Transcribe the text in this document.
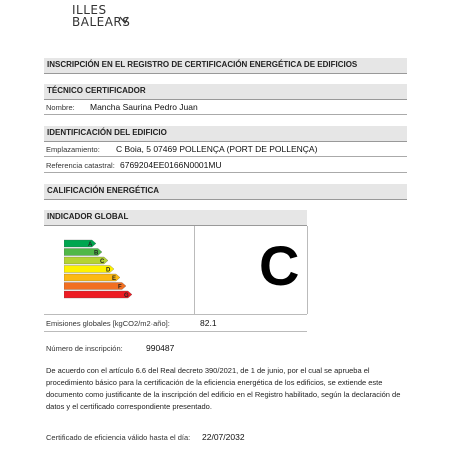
ILLES
BALEARS
INSCRIPCIÓN EN EL REGISTRO DE CERTIFICACIÓN ENERGÉTICA DE EDIFICIOS
TÉCNICO CERTIFICADOR
Nombre: Mancha Saurina Pedro Juan
IDENTIFICACIÓN DEL EDIFICIO
Emplazamiento: C Boia, 5 07469 POLLENÇA (PORT DE POLLENÇA)
Referencia catastral: 6769204EE0166N0001MU
CALIFICACIÓN ENERGÉTICA
INDICADOR GLOBAL
A
B
C
D
E
F
G C
Emisiones globales [kgCO2/m2·año]:	82.1
Número de inscripción:	990487

De acuerdo con el artículo 6.6 del Real decreto 390/2021, de 1 de junio, por el cual se aprueba el procedimiento básico para la certificación de la eficiencia energética de los edificios, se extiende este documento como justificante de la inscripción del edificio en el Registro habilitado, según la declaración de datos y el certificado correspondiente presentado.

Certificado de eficiencia válido hasta el día: 22/07/2032
